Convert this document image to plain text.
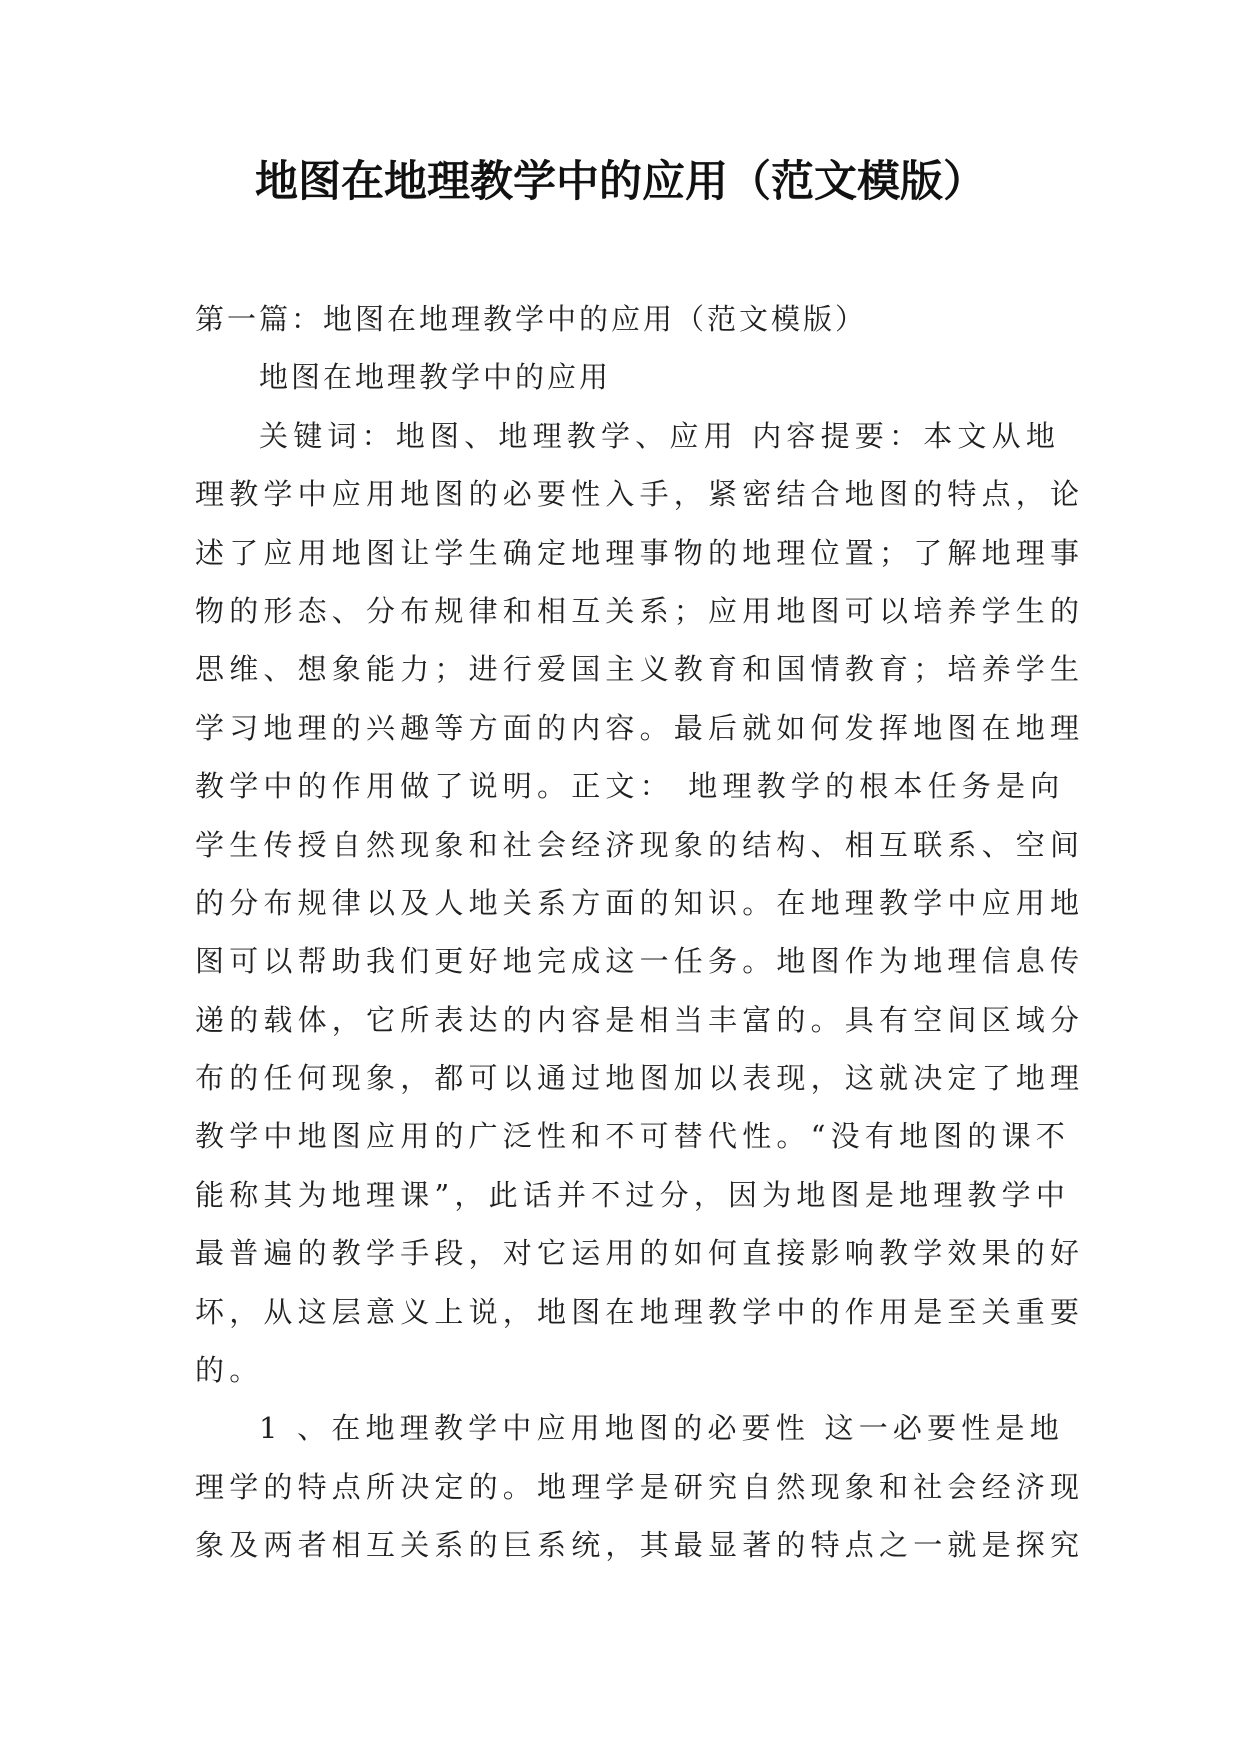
地图在地理教学中的应用（范文模版）
第一篇：地图在地理教学中的应用（范文模版）
地图在地理教学中的应用
关键词：地图、地理教学、应用 内容提要：本文从地
理教学中应用地图的必要性入手，紧密结合地图的特点，论
述了应用地图让学生确定地理事物的地理位置；了解地理事
物的形态、分布规律和相互关系；应用地图可以培养学生的
思维、想象能力；进行爱国主义教育和国情教育；培养学生
学习地理的兴趣等方面的内容。最后就如何发挥地图在地理
教学中的作用做了说明。正文： 地理教学的根本任务是向
学生传授自然现象和社会经济现象的结构、相互联系、空间
的分布规律以及人地关系方面的知识。在地理教学中应用地
图可以帮助我们更好地完成这一任务。地图作为地理信息传
递的载体，它所表达的内容是相当丰富的。具有空间区域分
布的任何现象，都可以通过地图加以表现，这就决定了地理
教学中地图应用的广泛性和不可替代性。“没有地图的课不
能称其为地理课”，此话并不过分，因为地图是地理教学中
最普遍的教学手段，对它运用的如何直接影响教学效果的好
坏，从这层意义上说，地图在地理教学中的作用是至关重要
的。
1 、在地理教学中应用地图的必要性 这一必要性是地
理学的特点所决定的。地理学是研究自然现象和社会经济现
象及两者相互关系的巨系统，其最显著的特点之一就是探究
